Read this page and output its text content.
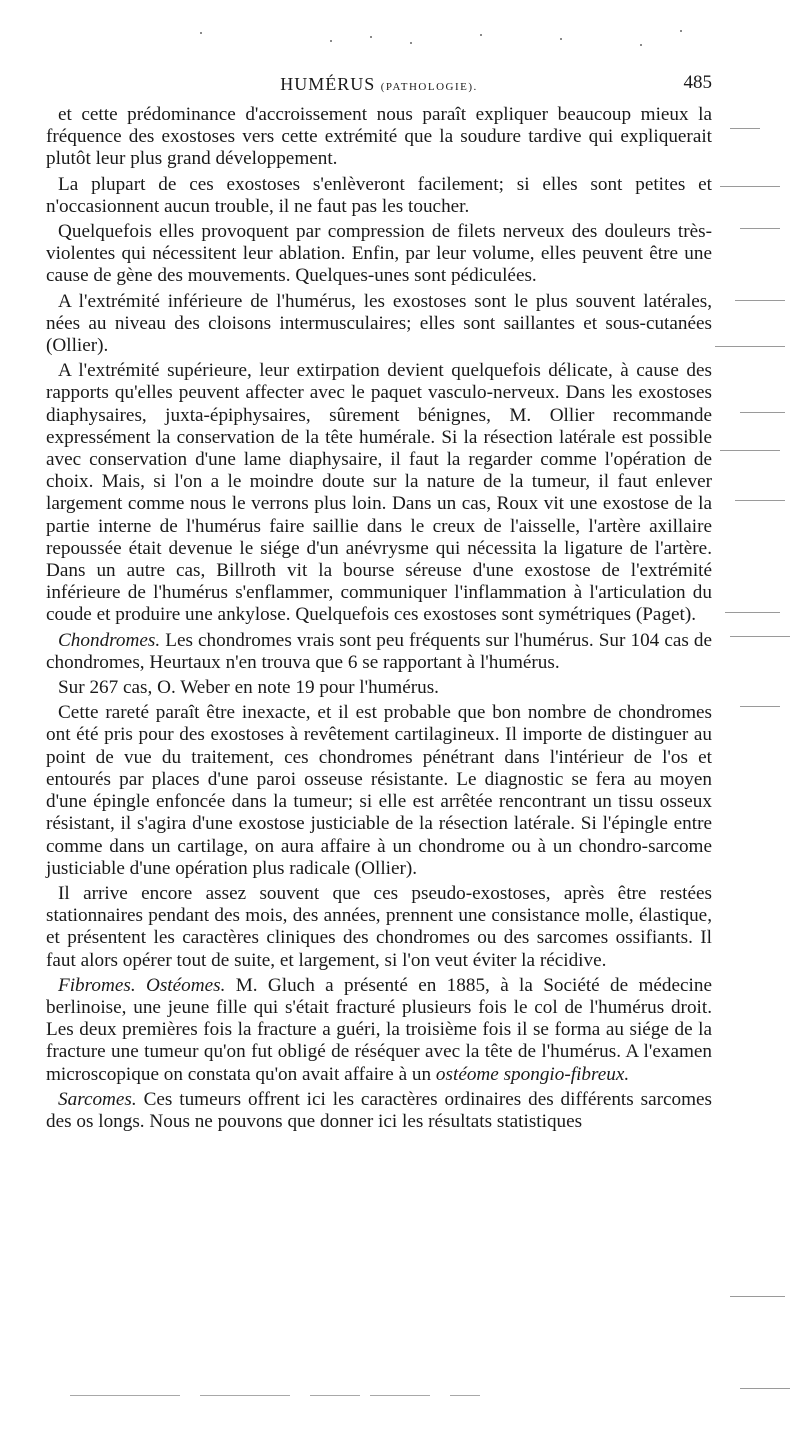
HUMÉRUS (PATHOLOGIE).	485

et cette prédominance d'accroissement nous paraît expliquer beaucoup mieux la fréquence des exostoses vers cette extrémité que la soudure tardive qui expliquerait plutôt leur plus grand développement.

La plupart de ces exostoses s'enlèveront facilement; si elles sont petites et n'occasionnent aucun trouble, il ne faut pas les toucher.

Quelquefois elles provoquent par compression de filets nerveux des douleurs très-violentes qui nécessitent leur ablation. Enfin, par leur volume, elles peuvent être une cause de gène des mouvements. Quelques-unes sont pédiculées.

A l'extrémité inférieure de l'humérus, les exostoses sont le plus souvent latérales, nées au niveau des cloisons intermusculaires; elles sont saillantes et sous-cutanées (Ollier).

A l'extrémité supérieure, leur extirpation devient quelquefois délicate, à cause des rapports qu'elles peuvent affecter avec le paquet vasculo-nerveux. Dans les exostoses diaphysaires, juxta-épiphysaires, sûrement bénignes, M. Ollier recommande expressément la conservation de la tête humérale. Si la résection latérale est possible avec conservation d'une lame diaphysaire, il faut la regarder comme l'opération de choix. Mais, si l'on a le moindre doute sur la nature de la tumeur, il faut enlever largement comme nous le verrons plus loin. Dans un cas, Roux vit une exostose de la partie interne de l'humérus faire saillie dans le creux de l'aisselle, l'artère axillaire repoussée était devenue le siége d'un anévrysme qui nécessita la ligature de l'artère. Dans un autre cas, Billroth vit la bourse séreuse d'une exostose de l'extrémité inférieure de l'humérus s'enflammer, communiquer l'inflammation à l'articulation du coude et produire une ankylose. Quelquefois ces exostoses sont symétriques (Paget).

Chondromes. Les chondromes vrais sont peu fréquents sur l'humérus. Sur 104 cas de chondromes, Heurtaux n'en trouva que 6 se rapportant à l'humérus.

Sur 267 cas, O. Weber en note 19 pour l'humérus.

Cette rareté paraît être inexacte, et il est probable que bon nombre de chondromes ont été pris pour des exostoses à revêtement cartilagineux. Il importe de distinguer au point de vue du traitement, ces chondromes pénétrant dans l'intérieur de l'os et entourés par places d'une paroi osseuse résistante. Le diagnostic se fera au moyen d'une épingle enfoncée dans la tumeur; si elle est arrêtée rencontrant un tissu osseux résistant, il s'agira d'une exostose justiciable de la résection latérale. Si l'épingle entre comme dans un cartilage, on aura affaire à un chondrome ou à un chondro-sarcome justiciable d'une opération plus radicale (Ollier).

Il arrive encore assez souvent que ces pseudo-exostoses, après être restées stationnaires pendant des mois, des années, prennent une consistance molle, élastique, et présentent les caractères cliniques des chondromes ou des sarcomes ossifiants. Il faut alors opérer tout de suite, et largement, si l'on veut éviter la récidive.

Fibromes. Ostéomes. M. Gluch a présenté en 1885, à la Société de médecine berlinoise, une jeune fille qui s'était fracturé plusieurs fois le col de l'humérus droit. Les deux premières fois la fracture a guéri, la troisième fois il se forma au siége de la fracture une tumeur qu'on fut obligé de réséquer avec la tête de l'humérus. A l'examen microscopique on constata qu'on avait affaire à un ostéome spongio-fibreux.

Sarcomes. Ces tumeurs offrent ici les caractères ordinaires des différents sarcomes des os longs. Nous ne pouvons que donner ici les résultats statistiques
